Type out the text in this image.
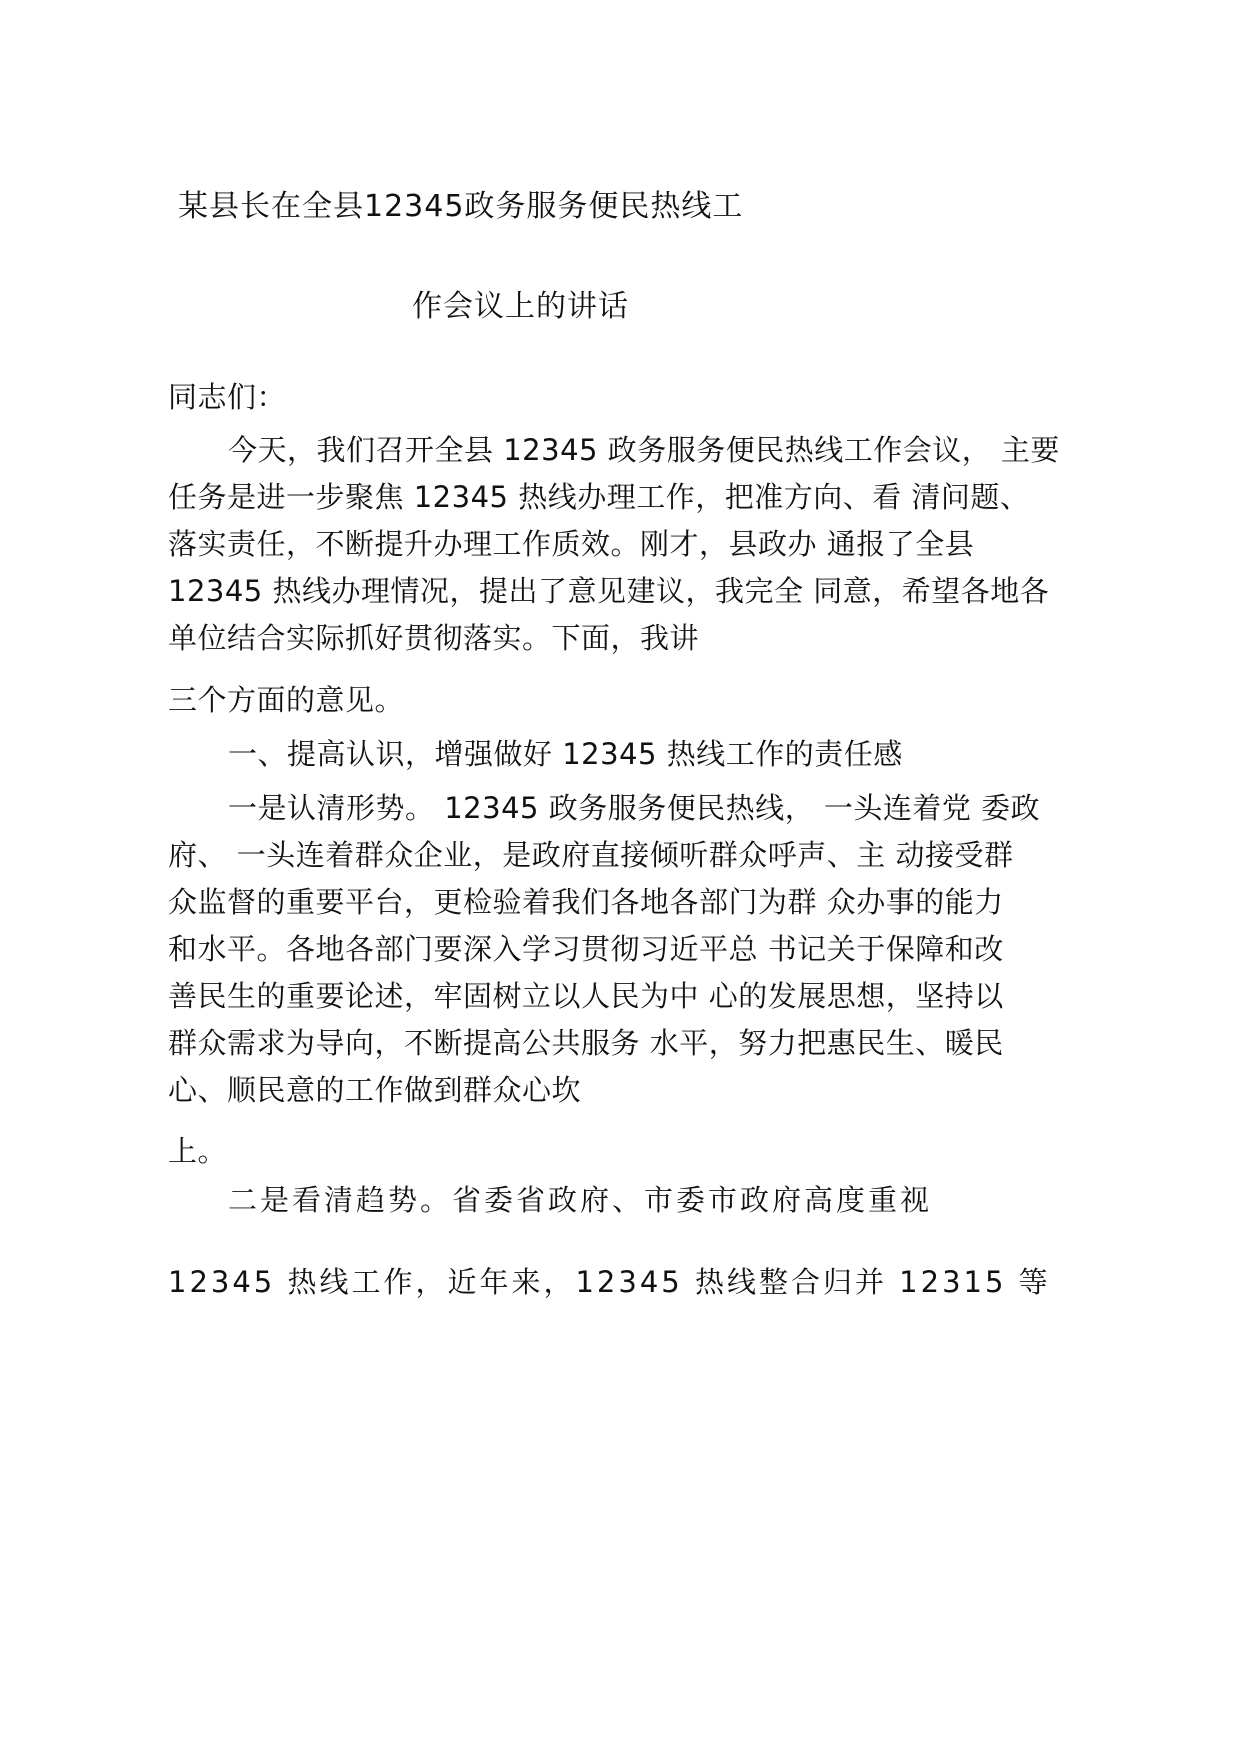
某县长在全县12345政务服务便民热线工
作会议上的讲话
同志们：
今天，我们召开全县 12345 政务服务便民热线工作会议， 主要
任务是进一步聚焦 12345 热线办理工作，把准方向、看 清问题、
落实责任，不断提升办理工作质效。刚才，县政办 通报了全县
12345 热线办理情况，提出了意见建议，我完全 同意，希望各地各
单位结合实际抓好贯彻落实。下面，我讲
三个方面的意见。
一、提高认识，增强做好 12345 热线工作的责任感
一是认清形势。 12345 政务服务便民热线， 一头连着党 委政
府、 一头连着群众企业，是政府直接倾听群众呼声、主 动接受群
众监督的重要平台，更检验着我们各地各部门为群 众办事的能力
和水平。各地各部门要深入学习贯彻习近平总 书记关于保障和改
善民生的重要论述，牢固树立以人民为中 心的发展思想，坚持以
群众需求为导向，不断提高公共服务 水平，努力把惠民生、暖民
心、顺民意的工作做到群众心坎
上。
二是看清趋势。省委省政府、市委市政府高度重视
12345 热线工作，近年来，12345 热线整合归并 12315 等
